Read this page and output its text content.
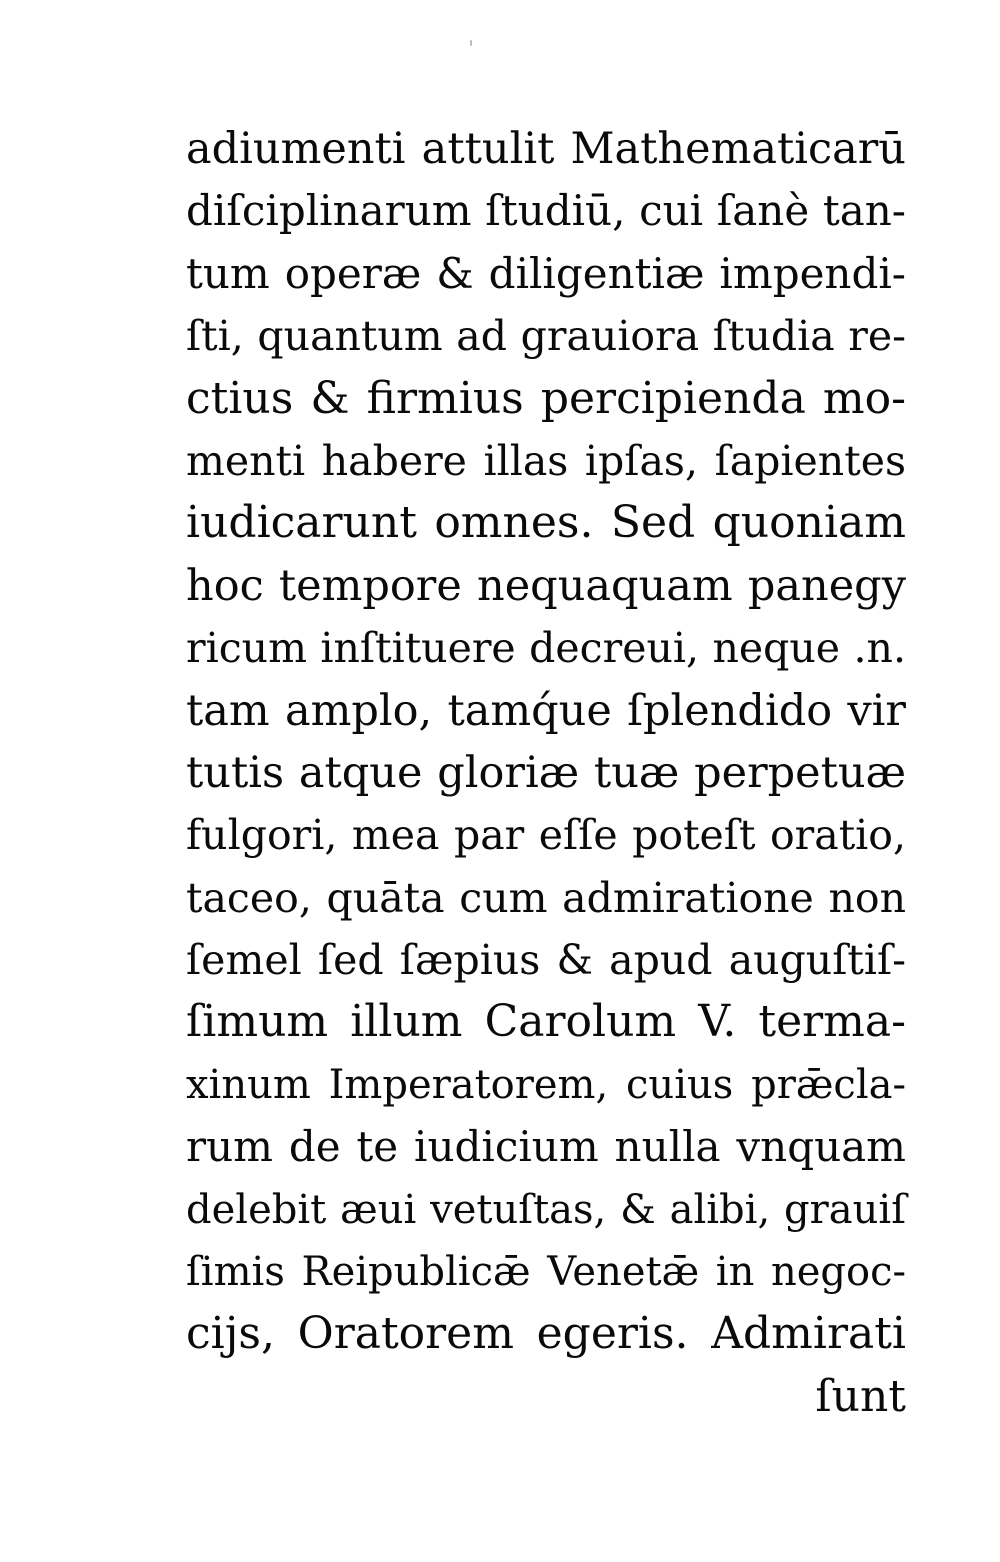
adiumenti attulit Mathematicarū
diſciplinarum ſtudiū, cui ſanè tan-
tum operæ & diligentiæ impendi-
ſti, quantum ad grauiora ſtudia re-
ctius & firmius percipienda mo-
menti habere illas ipſas, ſapientes
iudicarunt omnes. Sed quoniam
hoc tempore nequaquam panegy
ricum inſtituere decreui, neque .n.
tam amplo, tamq́ue ſplendido vir
tutis atque gloriæ tuæ perpetuæ
fulgori, mea par eſſe poteſt oratio,
taceo, quāta cum admiratione non
ſemel ſed ſæpius & apud auguſtiſ-
ſimum illum Carolum V. terma-
xinum Imperatorem, cuius prǣcla-
rum de te iudicium nulla vnquam
delebit æui vetuſtas, & alibi, grauiſ
ſimis Reipublicǣ Venetǣ in negoc-
cijs, Oratorem egeris. Admirati
ſunt
